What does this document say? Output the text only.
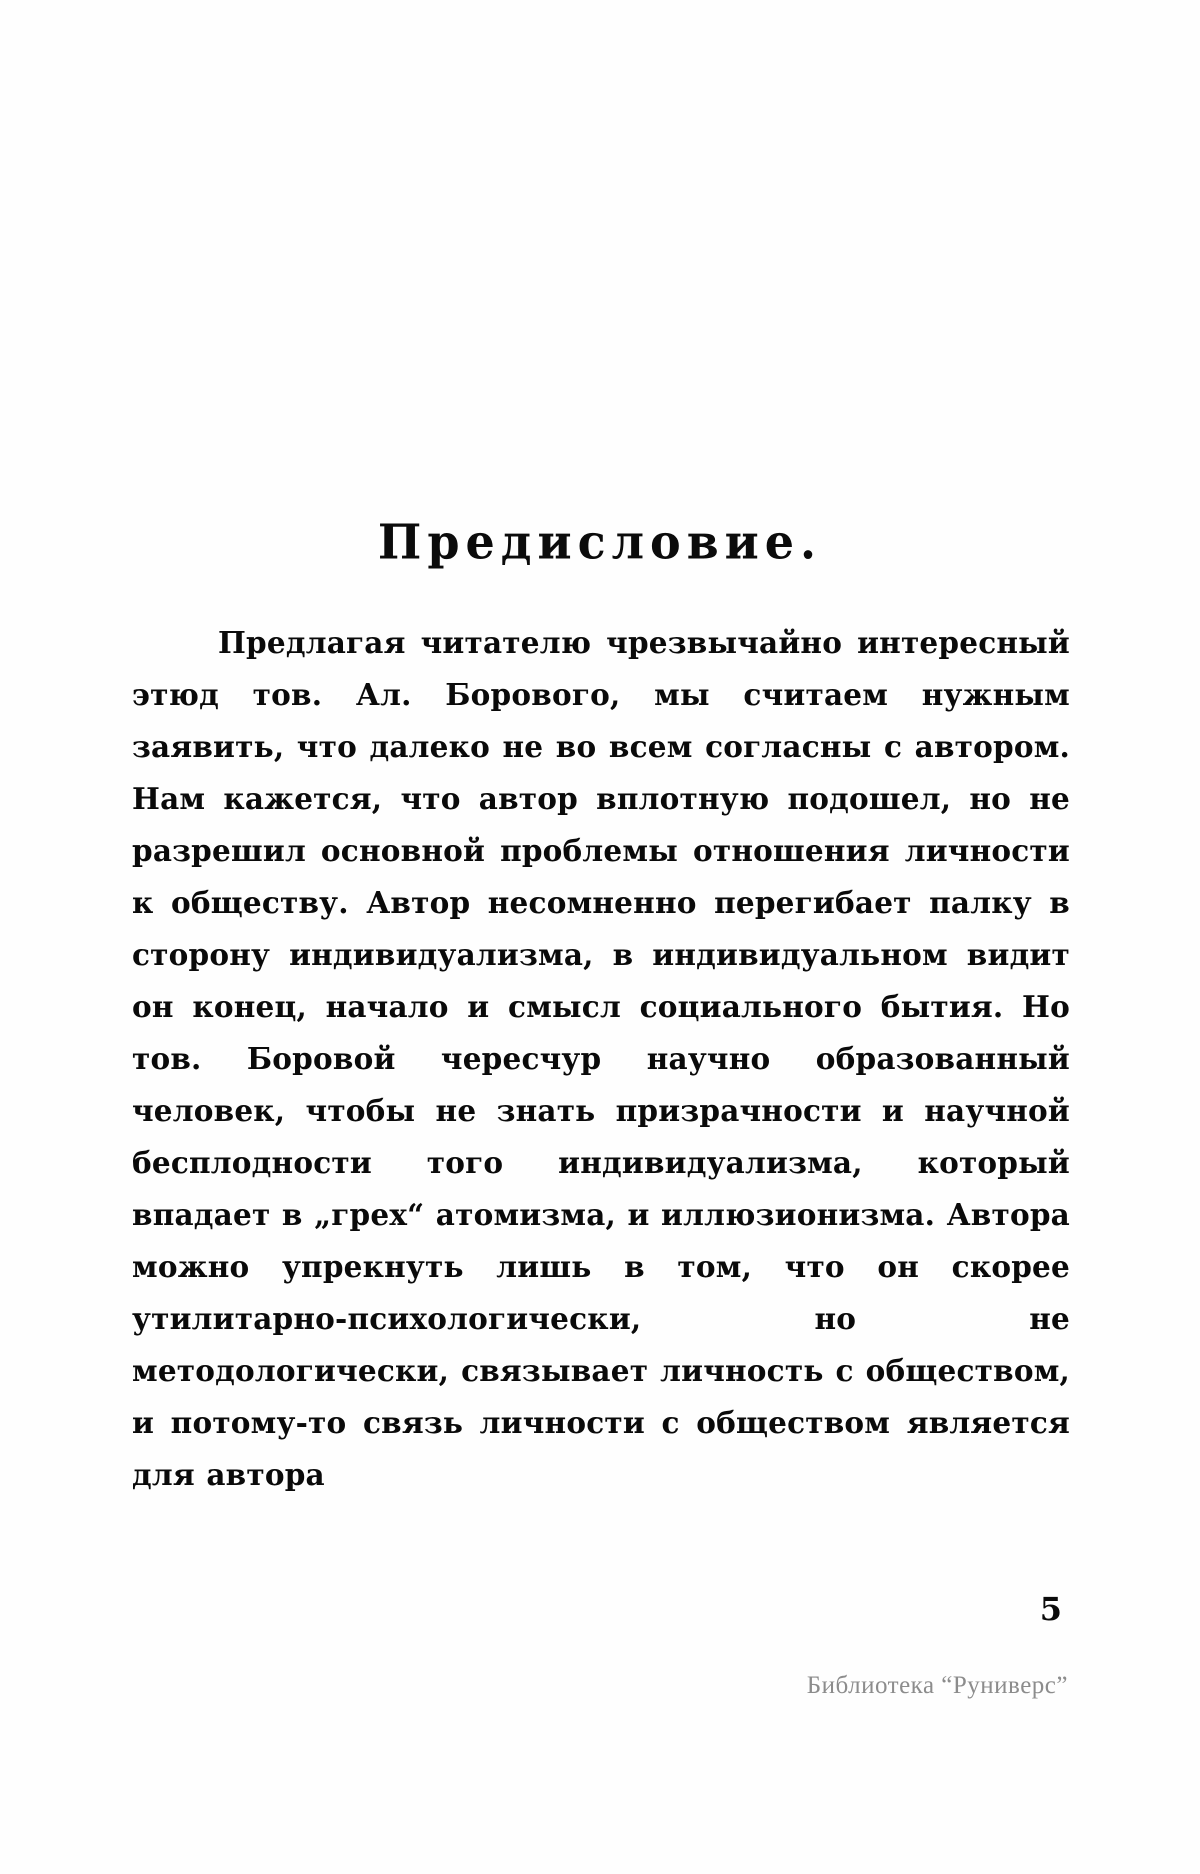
Предисловие.

Предлагая читателю чрезвычайно интересный этюд тов. Ал. Борового, мы считаем нужным заявить, что далеко не во всем согласны с автором. Нам кажется, что автор вплотную подошел, но не разрешил основной проблемы отношения личности к обществу. Автор несомненно перегибает палку в сторону индивидуализма, в индивидуальном видит он конец, начало и смысл социального бытия. Но тов. Боровой чересчур научно образованный человек, чтобы не знать призрачности и научной бесплодности того индивидуализма, который впадает в „грех“ атомизма, и иллюзионизма. Автора можно упрекнуть лишь в том, что он скорее утилитарно-психологически, но не методологически, связывает личность с обществом, и потому-то связь личности с обществом является для автора

5
Библиотека “Руниверс”
